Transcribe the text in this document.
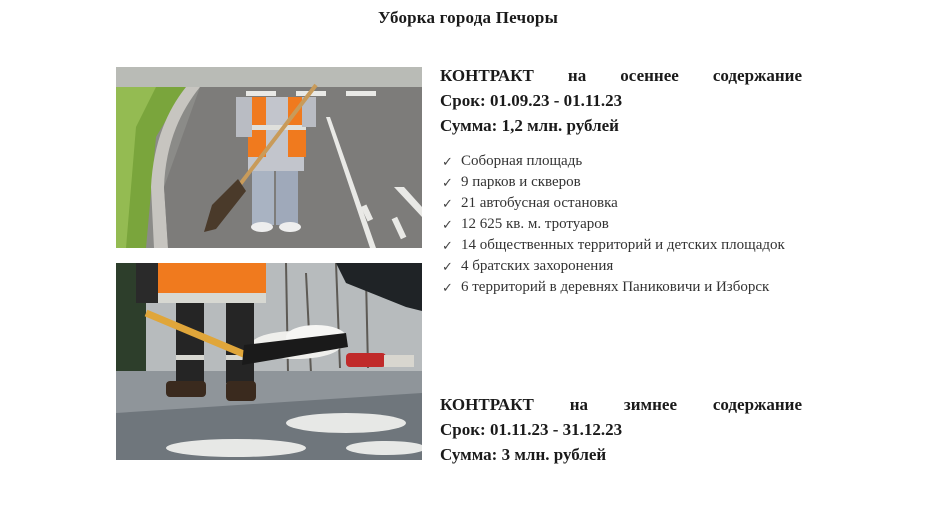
Уборка города Печоры
КОНТРАКТ на осеннее содержание
Срок: 01.09.23 - 01.11.23
Сумма: 1,2 млн. рублей
✓ Соборная площадь
✓ 9 парков и скверов
✓ 21 автобусная остановка
✓ 12 625 кв. м. тротуаров
✓ 14 общественных территорий и детских площадок
✓ 4 братских захоронения
✓ 6 территорий в деревнях Паниковичи и Изборск
КОНТРАКТ на зимнее содержание
Срок: 01.11.23 - 31.12.23
Сумма: 3 млн. рублей
